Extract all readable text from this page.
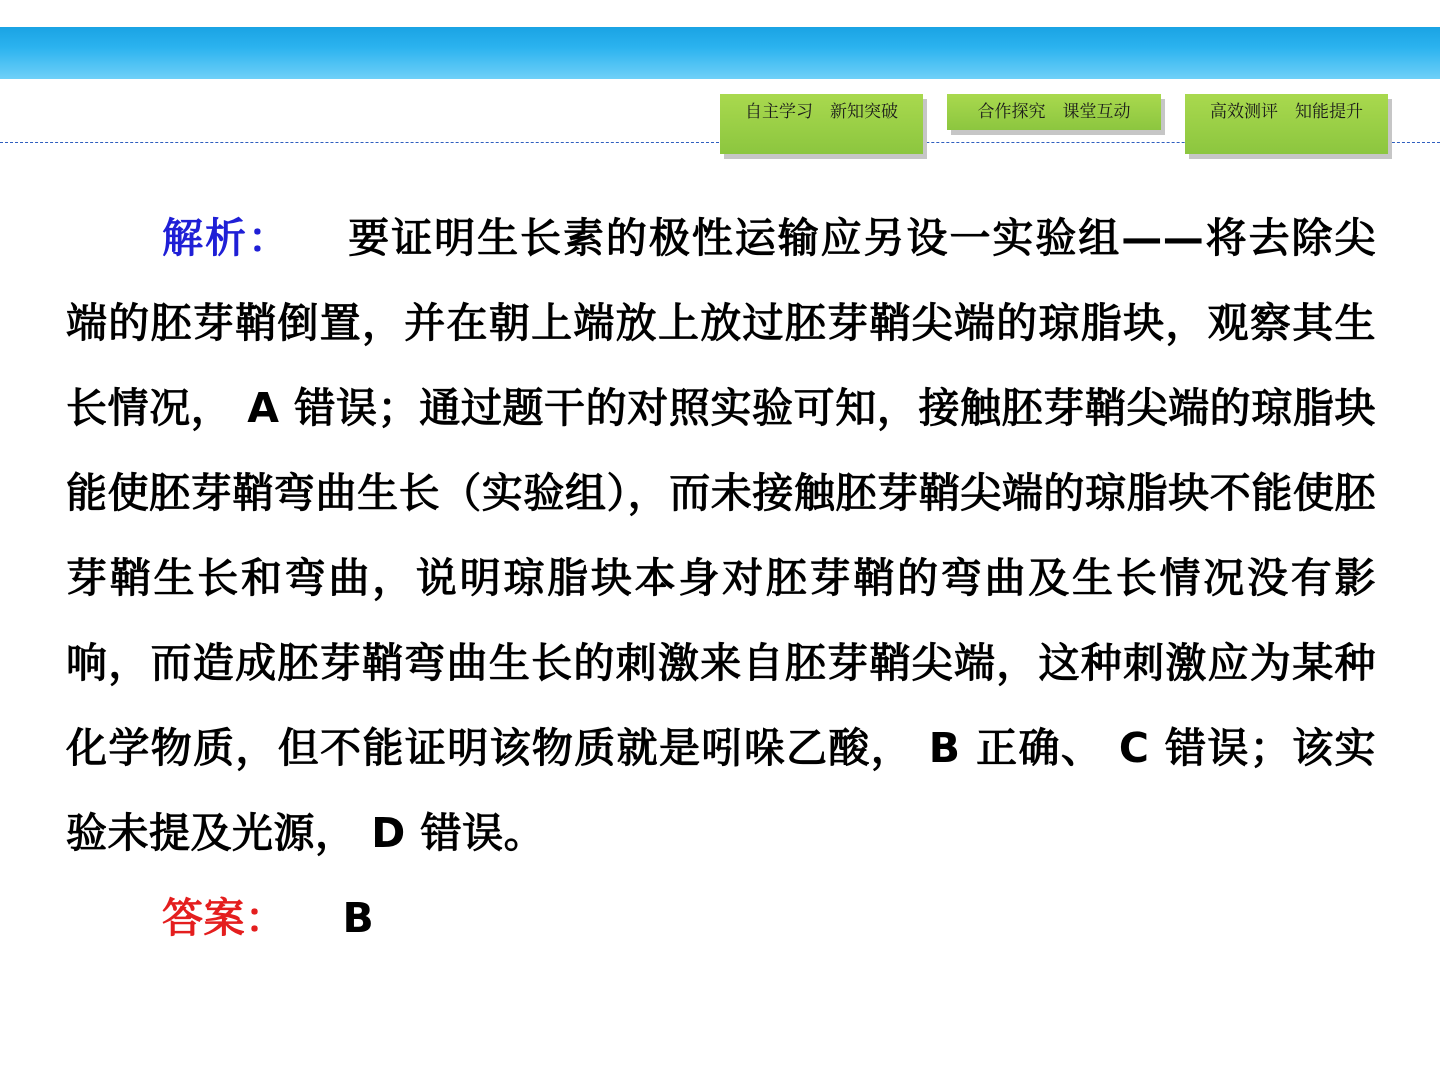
自主学习　新知突破	合作探究　课堂互动	高效测评　知能提升

解析： 要证明生长素的极性运输应另设一实验组——将去除尖端的胚芽鞘倒置，并在朝上端放上放过胚芽鞘尖端的琼脂块，观察其生长情况， A 错误；通过题干的对照实验可知，接触胚芽鞘尖端的琼脂块能使胚芽鞘弯曲生长（实验组），而未接触胚芽鞘尖端的琼脂块不能使胚芽鞘生长和弯曲，说明琼脂块本身对胚芽鞘的弯曲及生长情况没有影响，而造成胚芽鞘弯曲生长的刺激来自胚芽鞘尖端，这种刺激应为某种化学物质，但不能证明该物质就是吲哚乙酸， B 正确、 C 错误；该实验未提及光源， D 错误。

答案： B
